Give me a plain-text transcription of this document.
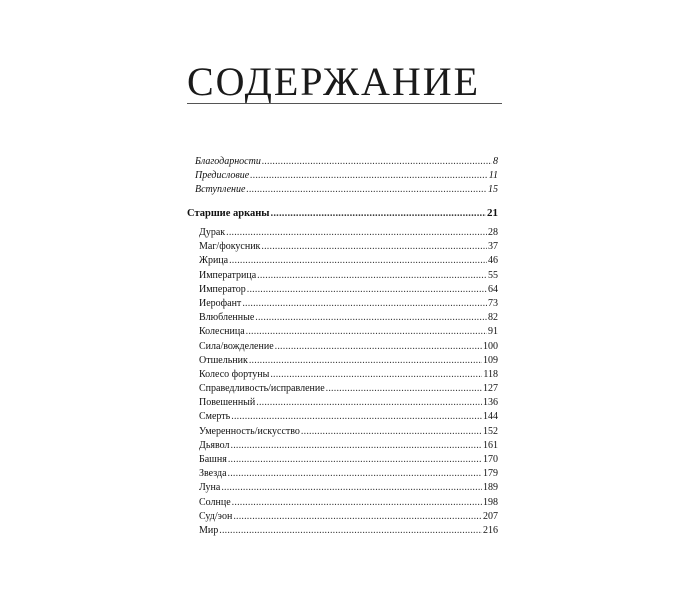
СОДЕРЖАНИЕ
Благодарности .....	8
Предисловие .....	11
Вступление .....	15
Старшие арканы .....	21
Дурак .....	28
Маг/фокусник .....	37
Жрица .....	46
Императрица .....	55
Император .....	64
Иерофант .....	73
Влюбленные .....	82
Колесница .....	91
Сила/вожделение .....	100
Отшельник .....	109
Колесо фортуны .....	118
Справедливость/исправление .....	127
Повешенный .....	136
Смерть .....	144
Умеренность/искусство .....	152
Дьявол .....	161
Башня .....	170
Звезда .....	179
Луна .....	189
Солнце .....	198
Суд/эон .....	207
Мир .....	216
